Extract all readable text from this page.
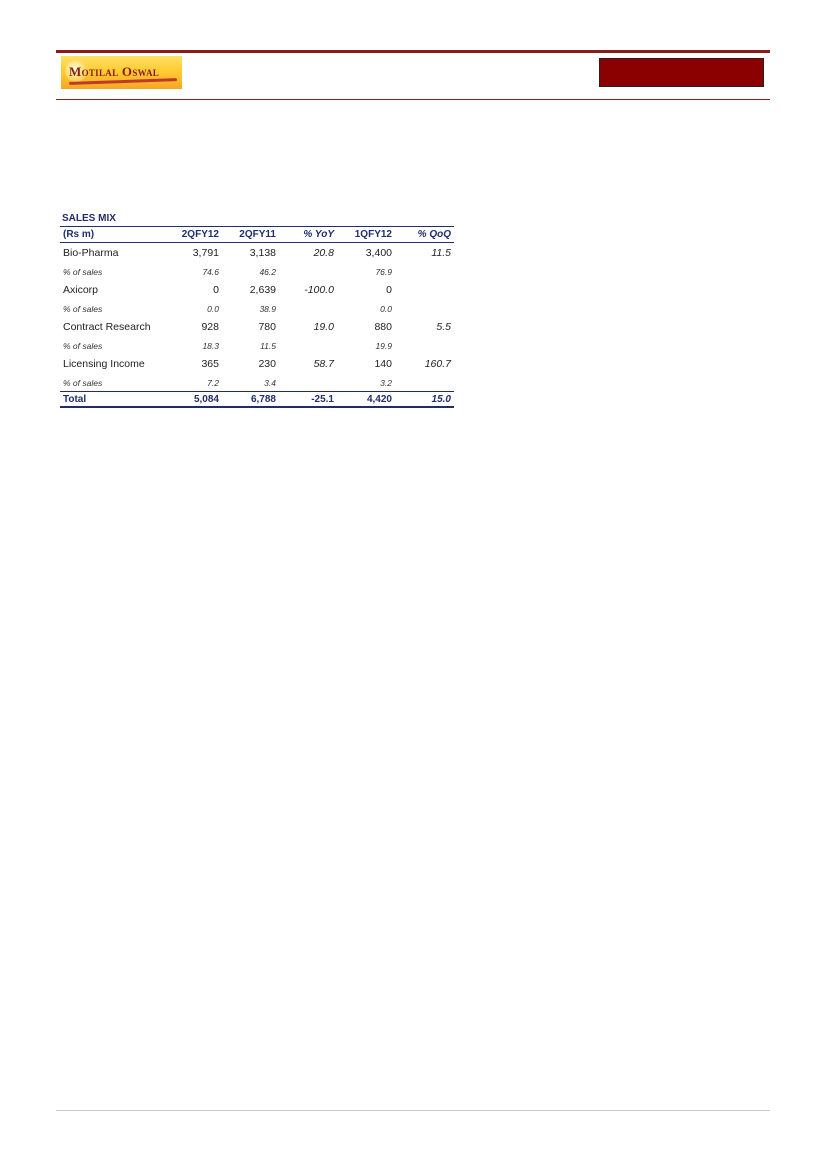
Motilal Oswal
SALES MIX
(Rs m)	2QFY12	2QFY11	% YoY	1QFY12	% QoQ
Bio-Pharma	3,791	3,138	20.8	3,400	11.5
% of sales	74.6	46.2		76.9	
Axicorp	0	2,639	-100.0	0	
% of sales	0.0	38.9		0.0	
Contract Research	928	780	19.0	880	5.5
% of sales	18.3	11.5		19.9	
Licensing Income	365	230	58.7	140	160.7
% of sales	7.2	3.4		3.2	
Total	5,084	6,788	-25.1	4,420	15.0
